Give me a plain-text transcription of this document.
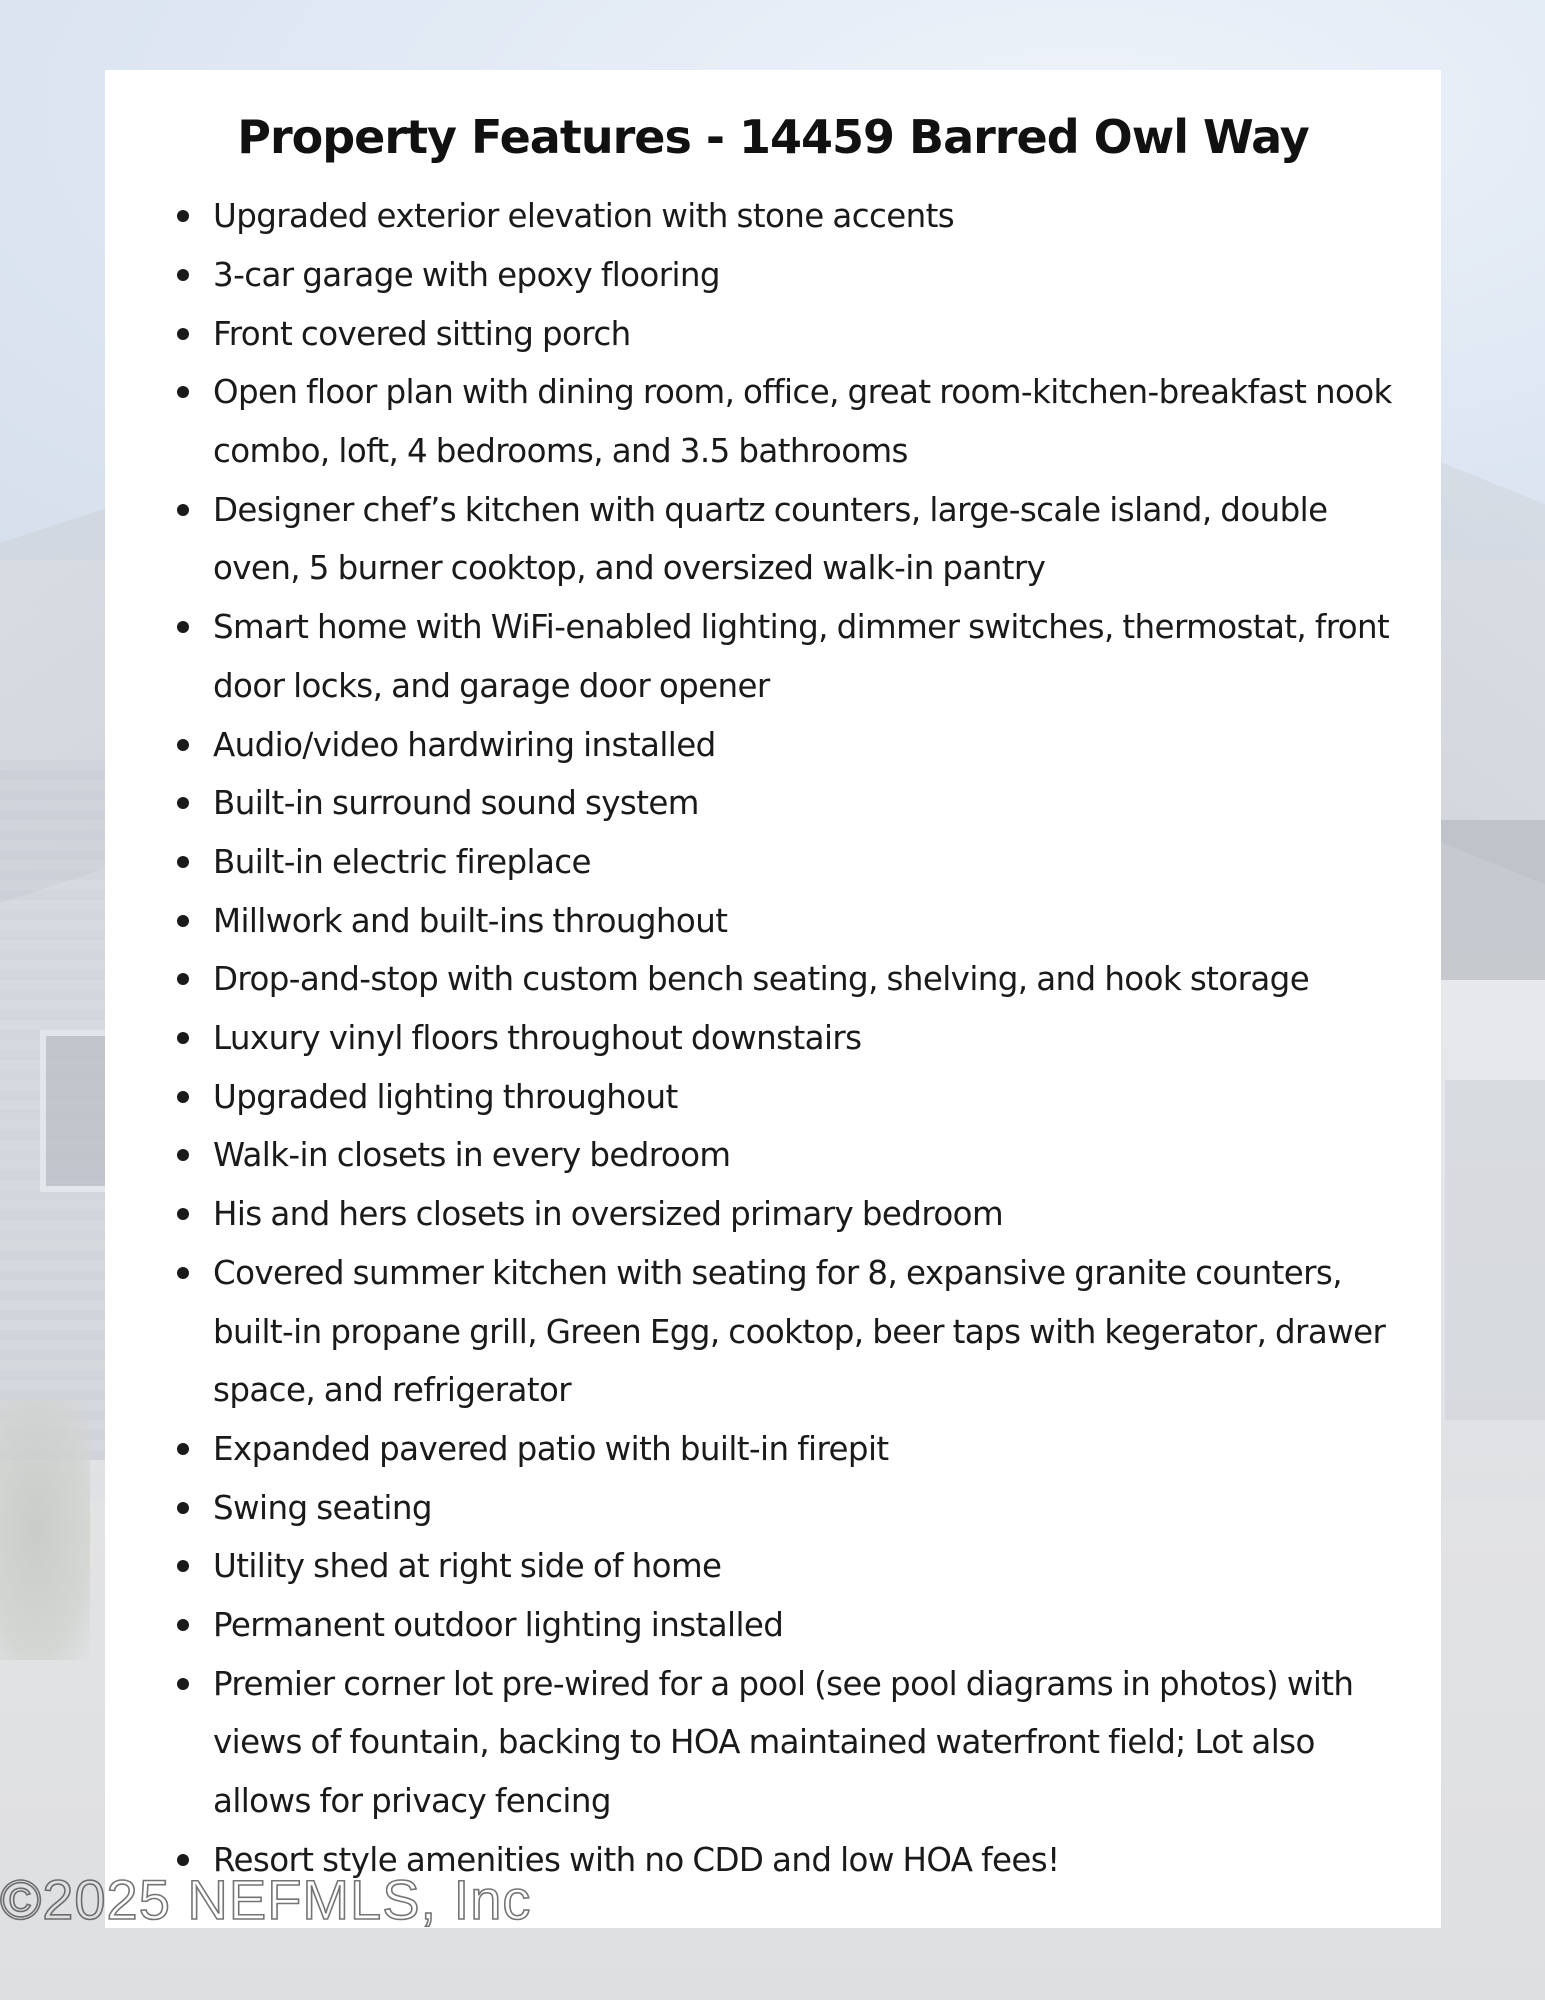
Property Features - 14459 Barred Owl Way
Upgraded exterior elevation with stone accents
3-car garage with epoxy flooring
Front covered sitting porch
Open floor plan with dining room, office, great room-kitchen-breakfast nook combo, loft, 4 bedrooms, and 3.5 bathrooms
Designer chef’s kitchen with quartz counters, large-scale island, double oven, 5 burner cooktop, and oversized walk-in pantry
Smart home with WiFi-enabled lighting, dimmer switches, thermostat, front door locks, and garage door opener
Audio/video hardwiring installed
Built-in surround sound system
Built-in electric fireplace
Millwork and built-ins throughout
Drop-and-stop with custom bench seating, shelving, and hook storage
Luxury vinyl floors throughout downstairs
Upgraded lighting throughout
Walk-in closets in every bedroom
His and hers closets in oversized primary bedroom
Covered summer kitchen with seating for 8, expansive granite counters, built-in propane grill, Green Egg, cooktop, beer taps with kegerator, drawer space, and refrigerator
Expanded pavered patio with built-in firepit
Swing seating
Utility shed at right side of home
Permanent outdoor lighting installed
Premier corner lot pre-wired for a pool (see pool diagrams in photos) with views of fountain, backing to HOA maintained waterfront field; Lot also allows for privacy fencing
Resort style amenities with no CDD and low HOA fees!
